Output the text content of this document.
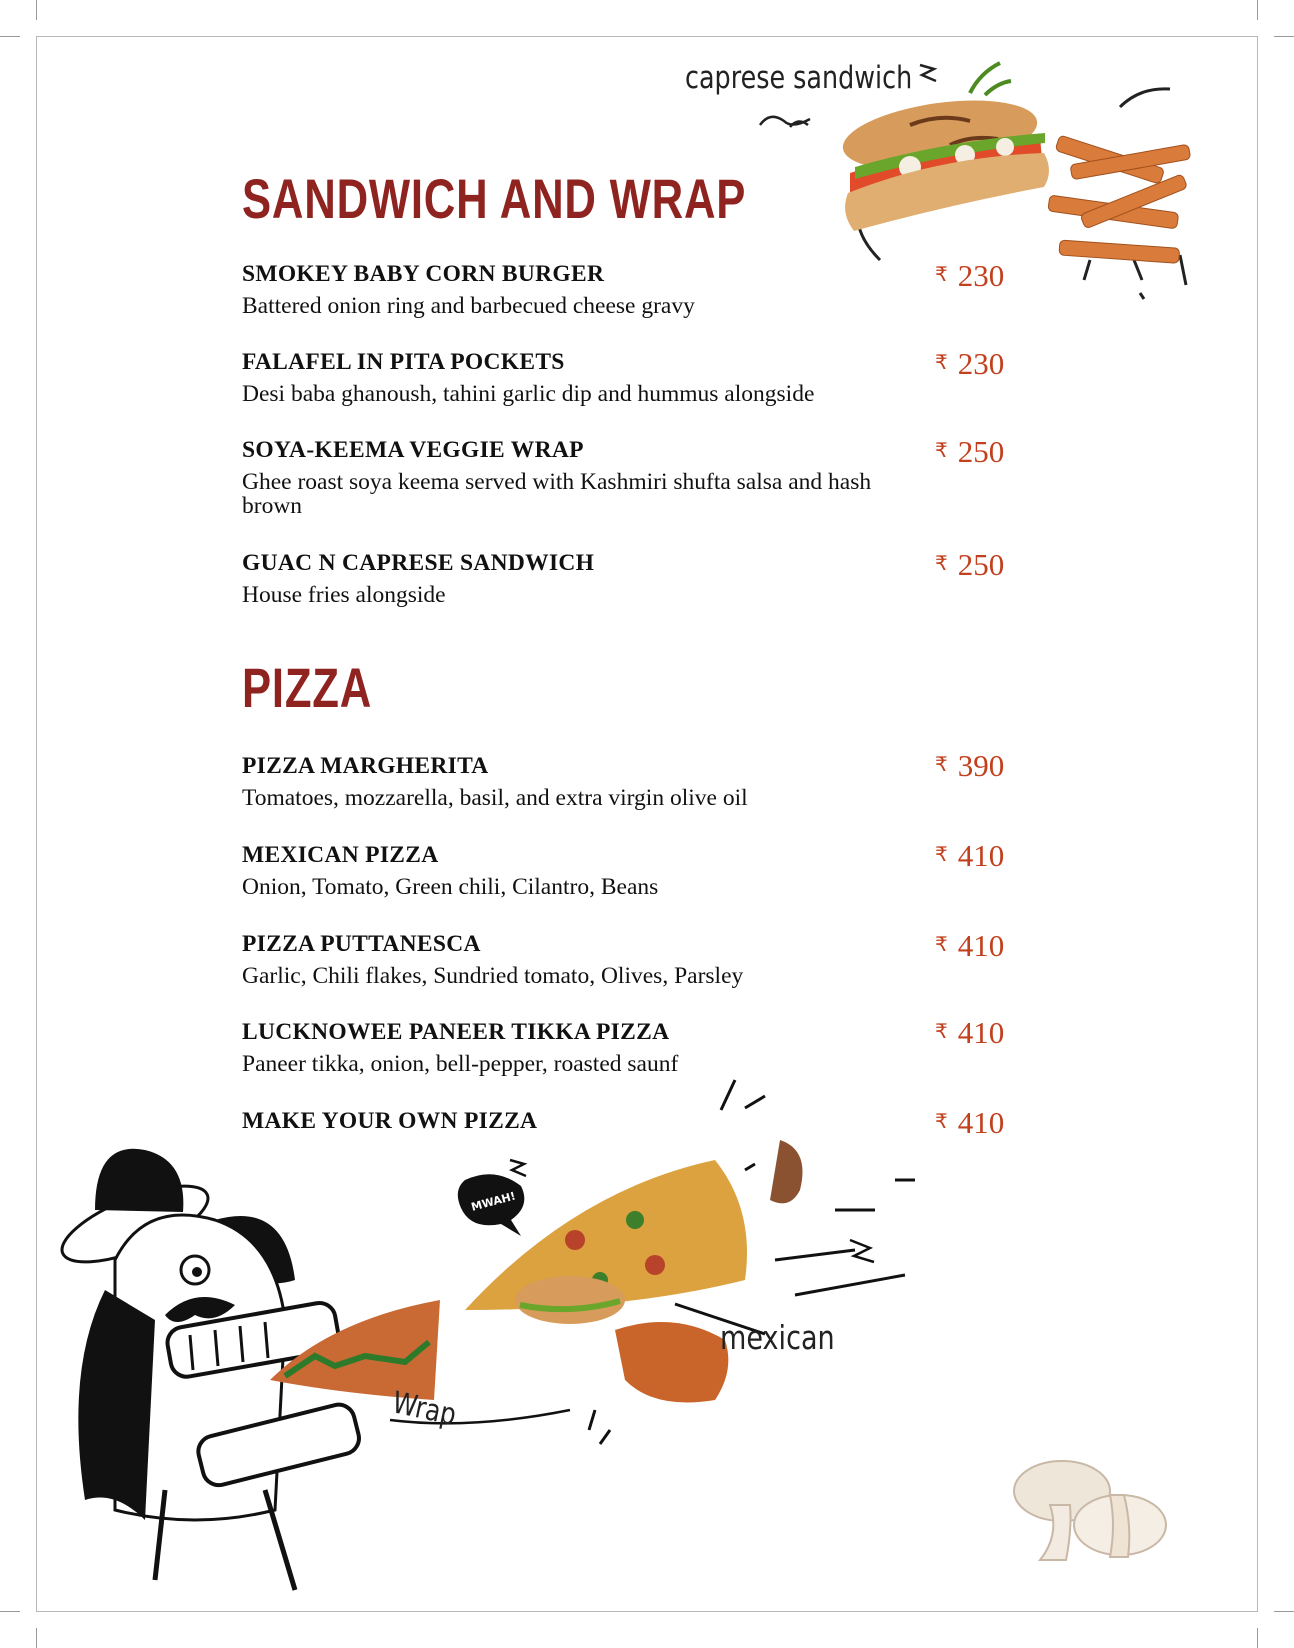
SANDWICH AND WRAP
SMOKEY BABY CORN BURGER
Battered onion ring and barbecued cheese gravy
₹ 230
FALAFEL IN PITA POCKETS
Desi baba ghanoush, tahini garlic dip and hummus alongside
₹ 230
SOYA-KEEMA VEGGIE WRAP
Ghee roast soya keema served with Kashmiri shufta salsa and hash brown
₹ 250
GUAC N CAPRESE SANDWICH
House fries alongside
₹ 250
PIZZA
PIZZA MARGHERITA
Tomatoes, mozzarella, basil, and extra virgin olive oil
₹ 390
MEXICAN PIZZA
Onion, Tomato, Green chili, Cilantro, Beans
₹ 410
PIZZA PUTTANESCA
Garlic, Chili flakes, Sundried tomato, Olives, Parsley
₹ 410
LUCKNOWEE PANEER TIKKA PIZZA
Paneer tikka, onion, bell-pepper, roasted saunf
₹ 410
MAKE YOUR OWN PIZZA	₹ 410
caprese sandwich
MWAH!
mexican
Wrap
